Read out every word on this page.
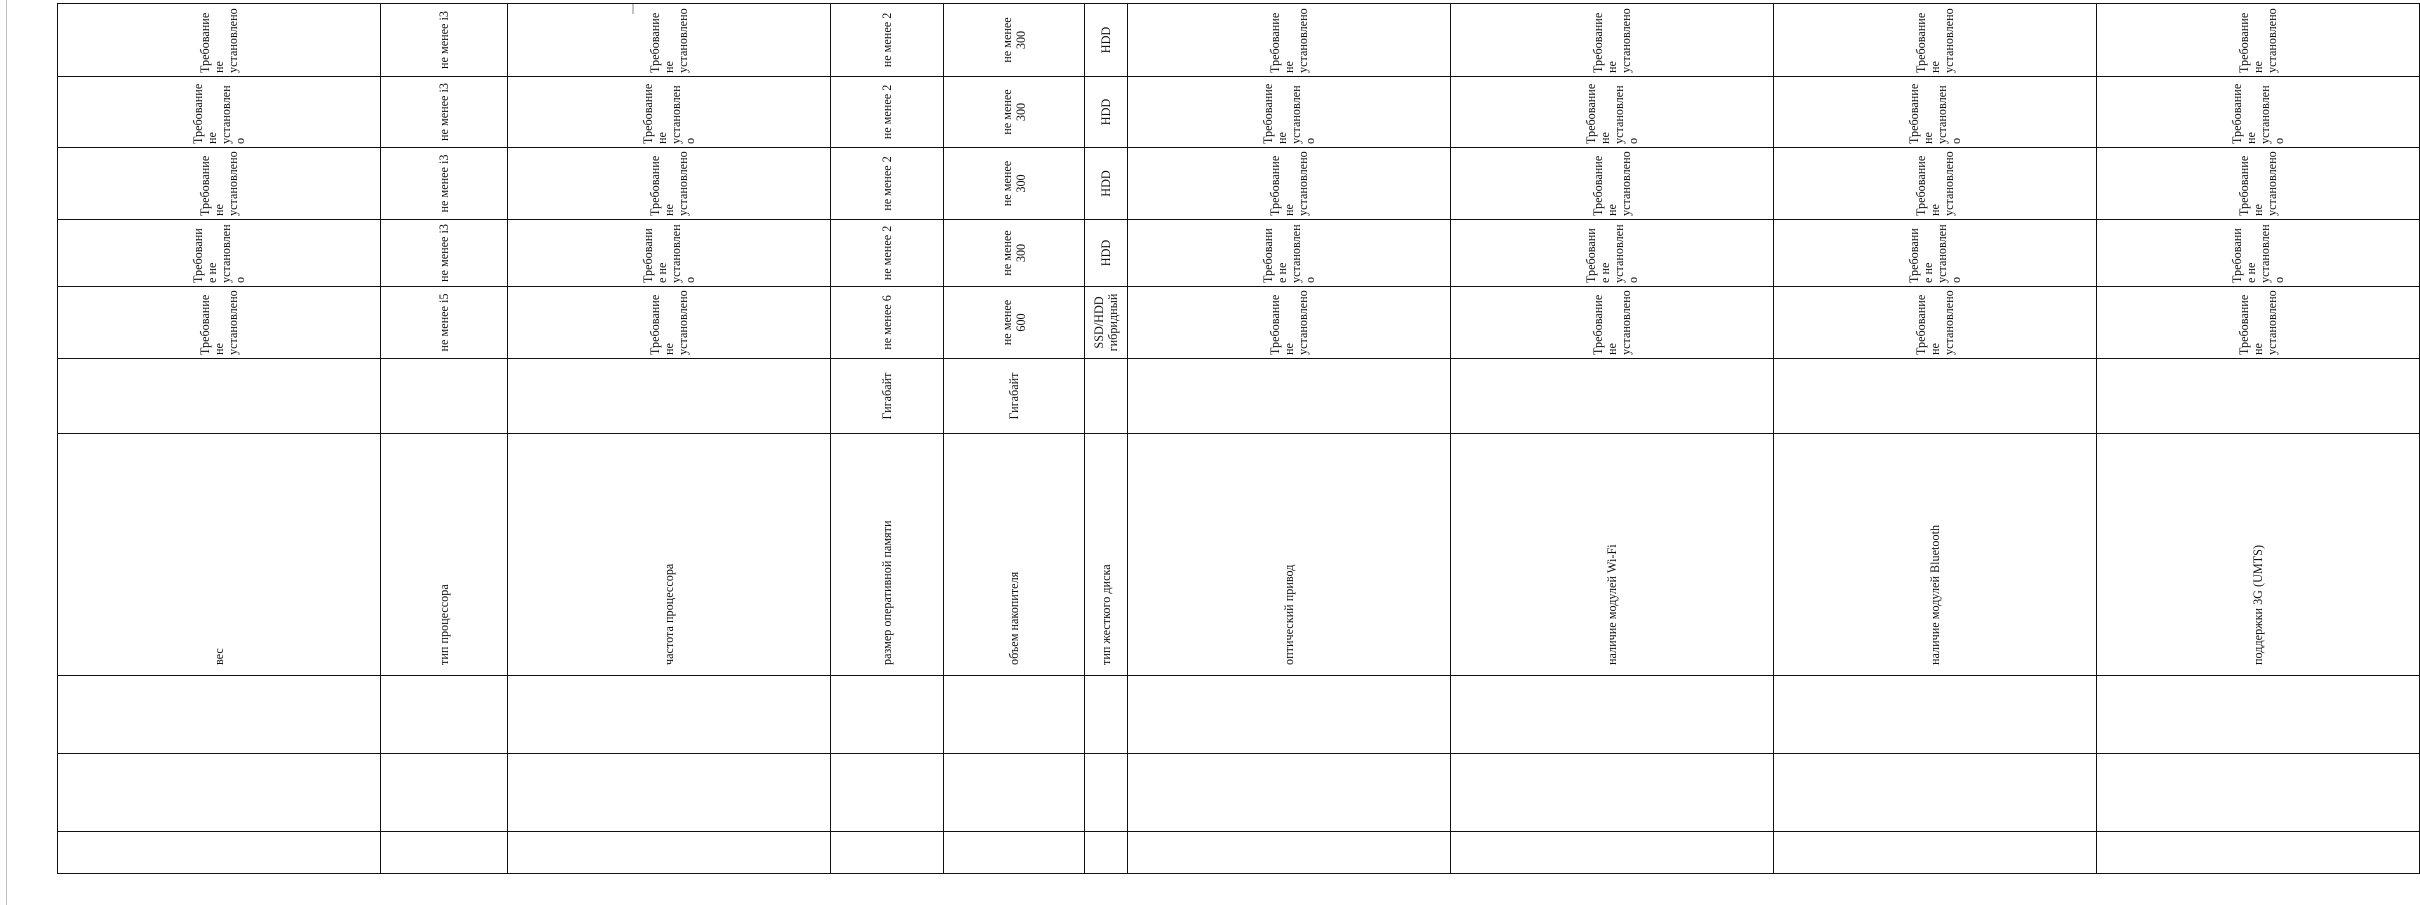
			вес		Требование не установлено	Требование не установлено	Требование не установлено	Требование не установлено	Требование не установлено	
			тип процессора		не менее i5	не менее i3	не менее i3	не менее i3	не менее i3	
			частота процессора		Требование не установлено	Требование не установлено	Требование не установлено	Требование не установлено	Требование не установлено	
			размер оперативной памяти	Гигабайт	не менее 6	не менее 2	не менее 2	не менее 2	не менее 2	
			объем накопителя	Гигабайт	не менее 600	не менее 300	не менее 300	не менее 300	не менее 300	
			тип жесткого диска		SSD/HDD гибридный	HDD	HDD	HDD	HDD	
			оптический привод		Требование не установлено	Требование не установлено	Требование не установлено	Требование не установлено	Требование не установлено	
			наличие модулей Wi-Fi		Требование не установлено	Требование не установлено	Требование не установлено	Требование не установлено	Требование не установлено	
			наличие модулей Bluetooth		Требование не установлено	Требование не установлено	Требование не установлено	Требование не установлено	Требование не установлено	
			поддержки 3G (UMTS)		Требование не установлено	Требование не установлено	Требование не установлено	Требование не установлено	Требование не установлено	
